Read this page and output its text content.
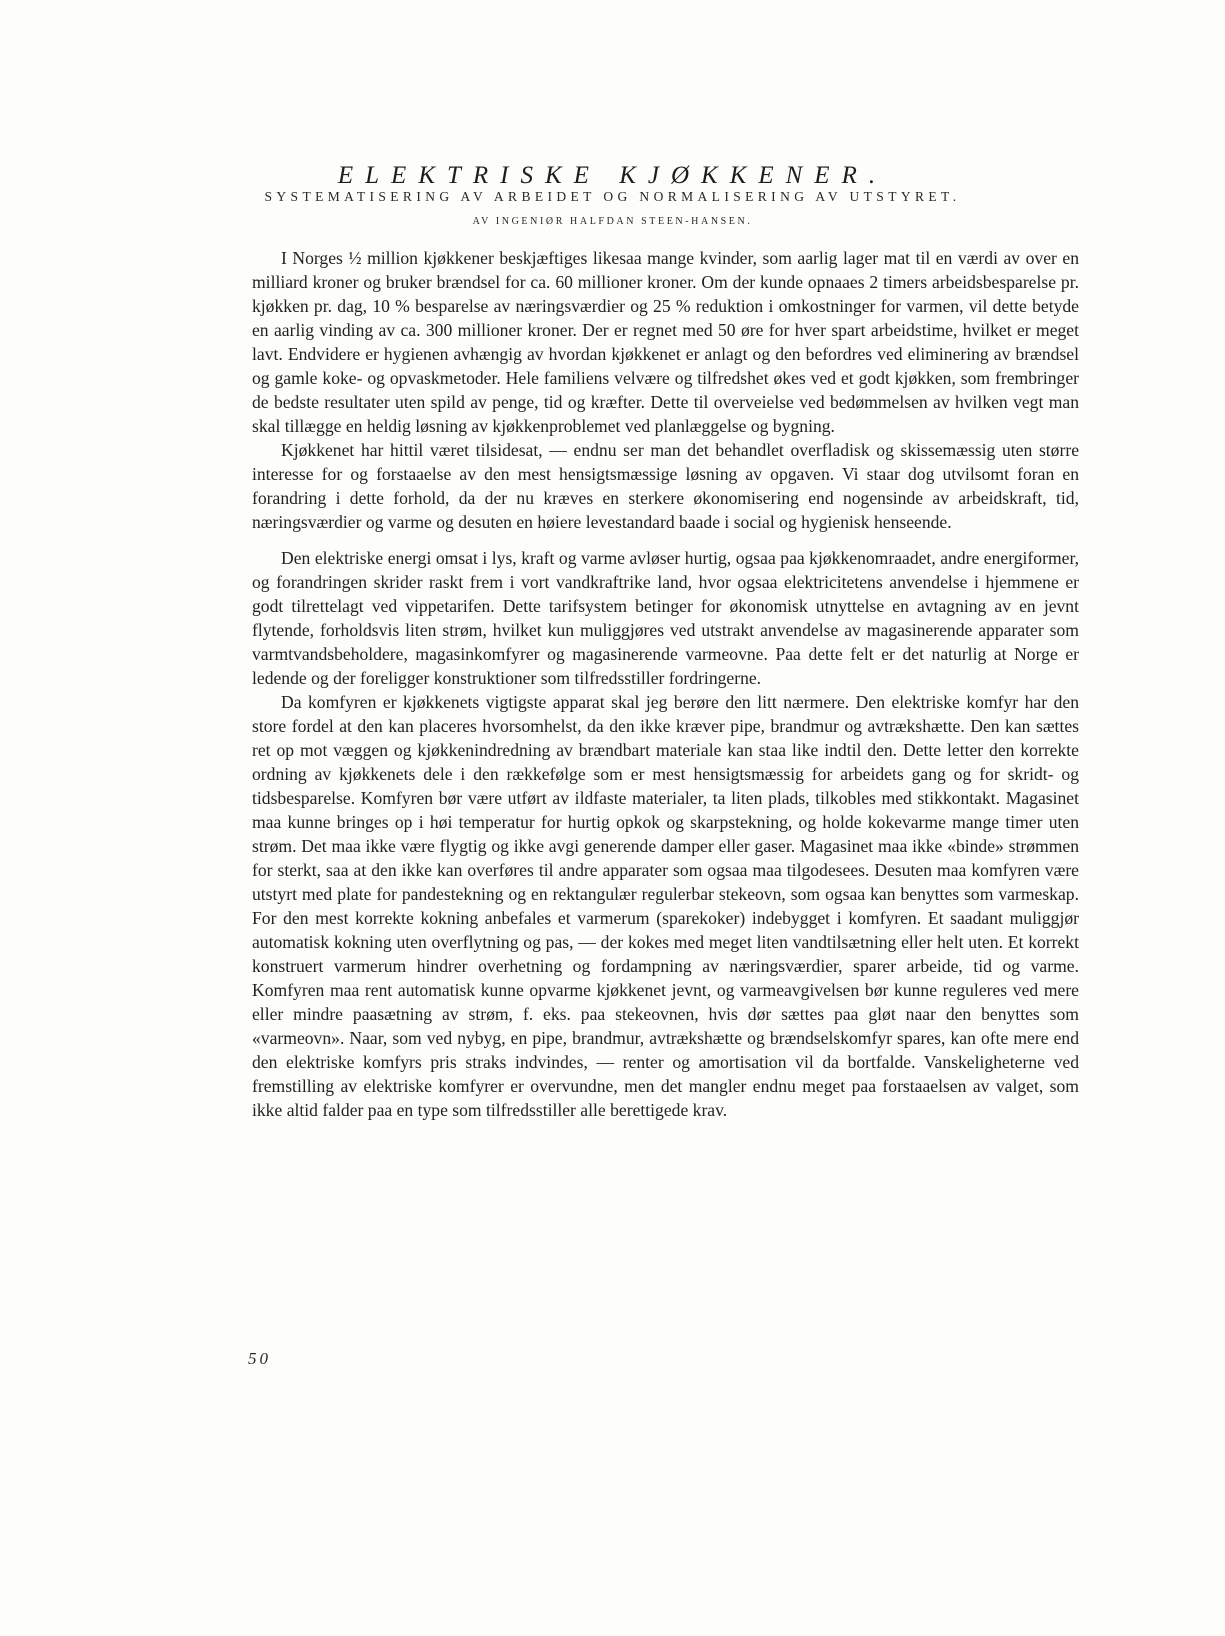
ELEKTRISKE KJØKKENER.
SYSTEMATISERING AV ARBEIDET OG NORMALISERING AV UTSTYRET.
AV INGENIØR HALFDAN STEEN-HANSEN.

I Norges ½ million kjøkkener beskjæftiges likesaa mange kvinder, som aarlig lager mat til en værdi av over en milliard kroner og bruker brændsel for ca. 60 millioner kroner. Om der kunde opnaaes 2 timers arbeidsbesparelse pr. kjøkken pr. dag, 10 % besparelse av næringsværdier og 25 % reduktion i omkostninger for varmen, vil dette betyde en aarlig vinding av ca. 300 millioner kroner. Der er regnet med 50 øre for hver spart arbeidstime, hvilket er meget lavt. Endvidere er hygienen avhængig av hvordan kjøkkenet er anlagt og den befordres ved eliminering av brændsel og gamle koke- og opvaskmetoder. Hele familiens velvære og tilfredshet økes ved et godt kjøkken, som frembringer de bedste resultater uten spild av penge, tid og kræfter. Dette til overveielse ved bedømmelsen av hvilken vegt man skal tillægge en heldig løsning av kjøkkenproblemet ved planlæggelse og bygning.

Kjøkkenet har hittil været tilsidesat, — endnu ser man det behandlet overfladisk og skissemæssig uten større interesse for og forstaaelse av den mest hensigtsmæssige løsning av opgaven. Vi staar dog utvilsomt foran en forandring i dette forhold, da der nu kræves en sterkere økonomisering end nogensinde av arbeidskraft, tid, næringsværdier og varme og desuten en høiere levestandard baade i social og hygienisk henseende.

Den elektriske energi omsat i lys, kraft og varme avløser hurtig, ogsaa paa kjøkkenomraadet, andre energiformer, og forandringen skrider raskt frem i vort vandkraftrike land, hvor ogsaa elektricitetens anvendelse i hjemmene er godt tilrettelagt ved vippetarifen. Dette tarifsystem betinger for økonomisk utnyttelse en avtagning av en jevnt flytende, forholdsvis liten strøm, hvilket kun muliggjøres ved utstrakt anvendelse av magasinerende apparater som varmtvandsbeholdere, magasinkomfyrer og magasinerende varmeovne. Paa dette felt er det naturlig at Norge er ledende og der foreligger konstruktioner som tilfredsstiller fordringerne.

Da komfyren er kjøkkenets vigtigste apparat skal jeg berøre den litt nærmere. Den elektriske komfyr har den store fordel at den kan placeres hvorsomhelst, da den ikke kræver pipe, brandmur og avtrækshætte. Den kan sættes ret op mot væggen og kjøkkenindredning av brændbart materiale kan staa like indtil den. Dette letter den korrekte ordning av kjøkkenets dele i den rækkefølge som er mest hensigtsmæssig for arbeidets gang og for skridt- og tidsbesparelse. Komfyren bør være utført av ildfaste materialer, ta liten plads, tilkobles med stikkontakt. Magasinet maa kunne bringes op i høi temperatur for hurtig opkok og skarpstekning, og holde kokevarme mange timer uten strøm. Det maa ikke være flygtig og ikke avgi generende damper eller gaser. Magasinet maa ikke «binde» strømmen for sterkt, saa at den ikke kan overføres til andre apparater som ogsaa maa tilgodesees. Desuten maa komfyren være utstyrt med plate for pandestekning og en rektangulær regulerbar stekeovn, som ogsaa kan benyttes som varmeskap. For den mest korrekte kokning anbefales et varmerum (sparekoker) indebygget i komfyren. Et saadant muliggjør automatisk kokning uten overflytning og pas, — der kokes med meget liten vandtilsætning eller helt uten. Et korrekt konstruert varmerum hindrer overhetning og fordampning av næringsværdier, sparer arbeide, tid og varme. Komfyren maa rent automatisk kunne opvarme kjøkkenet jevnt, og varmeavgivelsen bør kunne reguleres ved mere eller mindre paasætning av strøm, f. eks. paa stekeovnen, hvis dør sættes paa gløt naar den benyttes som «varmeovn». Naar, som ved nybyg, en pipe, brandmur, avtrækshætte og brændselskomfyr spares, kan ofte mere end den elektriske komfyrs pris straks indvindes, — renter og amortisation vil da bortfalde. Vanskeligheterne ved fremstilling av elektriske komfyrer er overvundne, men det mangler endnu meget paa forstaaelsen av valget, som ikke altid falder paa en type som tilfredsstiller alle berettigede krav.

50
